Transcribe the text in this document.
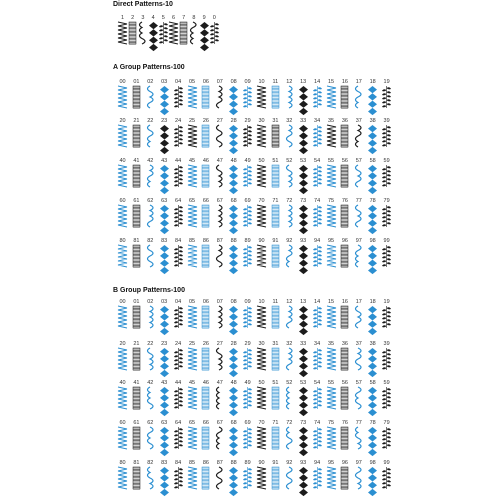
Direct Patterns-10
1	2	3	4	5	6	7	8	9	0
A Group Patterns-100
00	01	02	03	04	05	06	07	08	09	10	11	12	13	14	15	16	17	18	19
20	21	22	23	24	25	26	27	28	29	30	31	32	33	34	35	36	37	38	39
40	41	42	43	44	45	46	47	48	49	50	51	52	53	54	55	56	57	58	59
60	61	62	63	64	65	66	67	68	69	70	71	72	73	74	75	76	77	78	79
80	81	82	83	84	85	86	87	88	89	90	91	92	93	94	95	96	97	98	99
B Group Patterns-100
00	01	02	03	04	05	06	07	08	09	10	11	12	13	14	15	16	17	18	19
20	21	22	23	24	25	26	27	28	29	30	31	32	33	34	35	36	37	38	39
40	41	42	43	44	45	46	47	48	49	50	51	52	53	54	55	56	57	58	59
60	61	62	63	64	65	66	67	68	69	70	71	72	73	74	75	76	77	78	79
80	81	82	83	84	85	86	87	88	89	90	91	92	93	94	95	96	97	98	99
